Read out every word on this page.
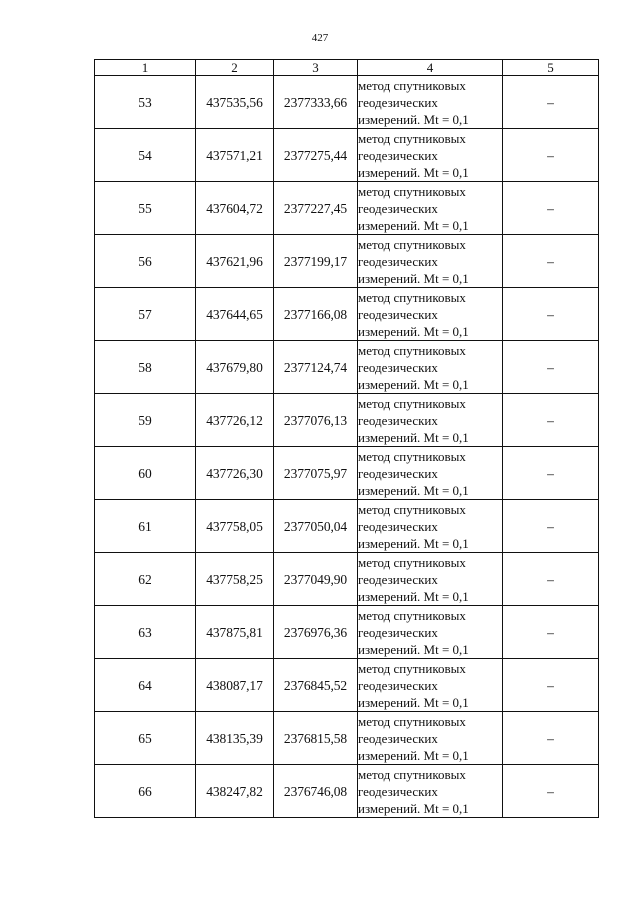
427
1	2	3	4	5
53	437535,56	2377333,66	метод спутниковых
геодезических
измерений. Mt = 0,1	–
54	437571,21	2377275,44	метод спутниковых
геодезических
измерений. Mt = 0,1	–
55	437604,72	2377227,45	метод спутниковых
геодезических
измерений. Mt = 0,1	–
56	437621,96	2377199,17	метод спутниковых
геодезических
измерений. Mt = 0,1	–
57	437644,65	2377166,08	метод спутниковых
геодезических
измерений. Mt = 0,1	–
58	437679,80	2377124,74	метод спутниковых
геодезических
измерений. Mt = 0,1	–
59	437726,12	2377076,13	метод спутниковых
геодезических
измерений. Mt = 0,1	–
60	437726,30	2377075,97	метод спутниковых
геодезических
измерений. Mt = 0,1	–
61	437758,05	2377050,04	метод спутниковых
геодезических
измерений. Mt = 0,1	–
62	437758,25	2377049,90	метод спутниковых
геодезических
измерений. Mt = 0,1	–
63	437875,81	2376976,36	метод спутниковых
геодезических
измерений. Mt = 0,1	–
64	438087,17	2376845,52	метод спутниковых
геодезических
измерений. Mt = 0,1	–
65	438135,39	2376815,58	метод спутниковых
геодезических
измерений. Mt = 0,1	–
66	438247,82	2376746,08	метод спутниковых
геодезических
измерений. Mt = 0,1	–
